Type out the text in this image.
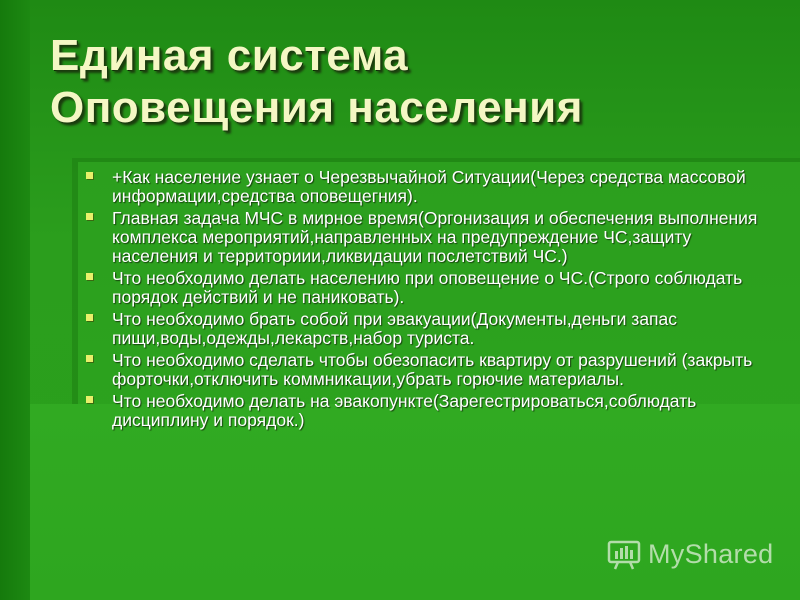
Единая система
Оповещения населения
+Как население узнает о Черезвычайной Ситуации(Через средства массовой информации,средства оповещегния).
Главная задача МЧС в мирное время(Оргонизация и обеспечения выполнения комплекса мероприятий,направленных на предупреждение ЧС,защиту населения и территориии,ликвидации послетствий ЧС.)
Что необходимо делать населению при оповещение о ЧС.(Строго соблюдать порядок действий и не паниковать).
Что необходимо брать собой при эвакуации(Документы,деньги запас пищи,воды,одежды,лекарств,набор туриста.
Что необходимо сделать чтобы обезопасить квартиру от разрушений (закрыть форточки,отключить коммникации,убрать горючие материалы.
Что необходимо делать на эвакопункте(Зарегестрироваться,соблюдать дисциплину и порядок.)
MyShared
